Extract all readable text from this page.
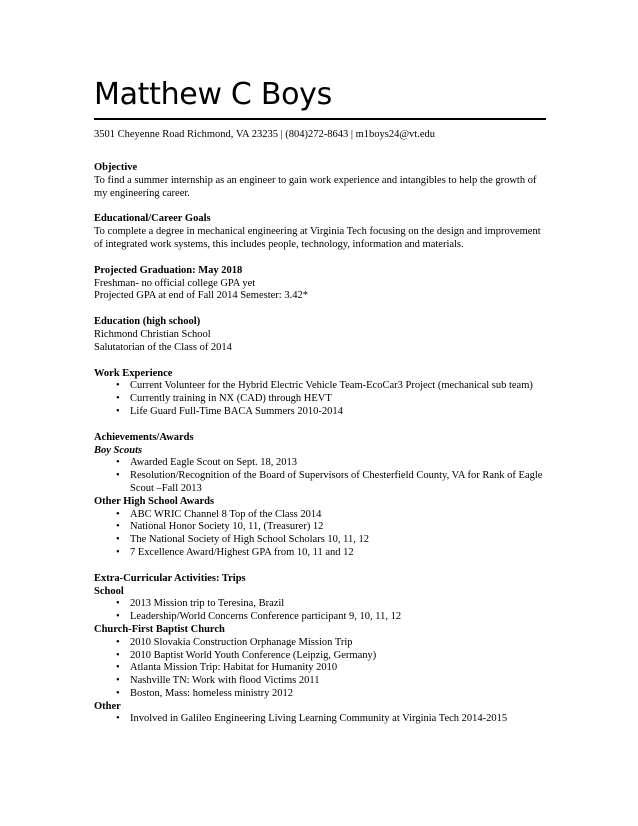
Matthew C Boys
3501 Cheyenne Road Richmond, VA 23235 | (804)272-8643 | m1boys24@vt.edu

Objective

To find a summer internship as an engineer to gain work experience and intangibles to help the growth of my engineering career.

Educational/Career Goals

To complete a degree in mechanical engineering at Virginia Tech focusing on the design and improvement of integrated work systems, this includes people, technology, information and materials.

Projected Graduation: May 2018

Freshman- no official college GPA yet

Projected GPA at end of Fall 2014 Semester: 3.42*

Education (high school)

Richmond Christian School

Salutatorian of the Class of 2014

Work Experience

• Current Volunteer for the Hybrid Electric Vehicle Team-EcoCar3 Project (mechanical sub team)
• Currently training in NX (CAD) through HEVT
• Life Guard Full-Time BACA Summers 2010-2014

Achievements/Awards

Boy Scouts

• Awarded Eagle Scout on Sept. 18, 2013
• Resolution/Recognition of the Board of Supervisors of Chesterfield County, VA for Rank of Eagle Scout –Fall 2013

Other High School Awards

• ABC WRIC Channel 8 Top of the Class 2014
• National Honor Society 10, 11, (Treasurer) 12
• The National Society of High School Scholars 10, 11, 12
• 7 Excellence Award/Highest GPA from 10, 11 and 12

Extra-Curricular Activities: Trips

School

• 2013 Mission trip to Teresina, Brazil
• Leadership/World Concerns Conference participant 9, 10, 11, 12

Church-First Baptist Church

• 2010 Slovakia Construction Orphanage Mission Trip
• 2010 Baptist World Youth Conference (Leipzig, Germany)
• Atlanta Mission Trip: Habitat for Humanity 2010
• Nashville TN: Work with flood Victims 2011
• Boston, Mass: homeless ministry 2012

Other

• Involved in Galileo Engineering Living Learning Community at Virginia Tech 2014-2015
